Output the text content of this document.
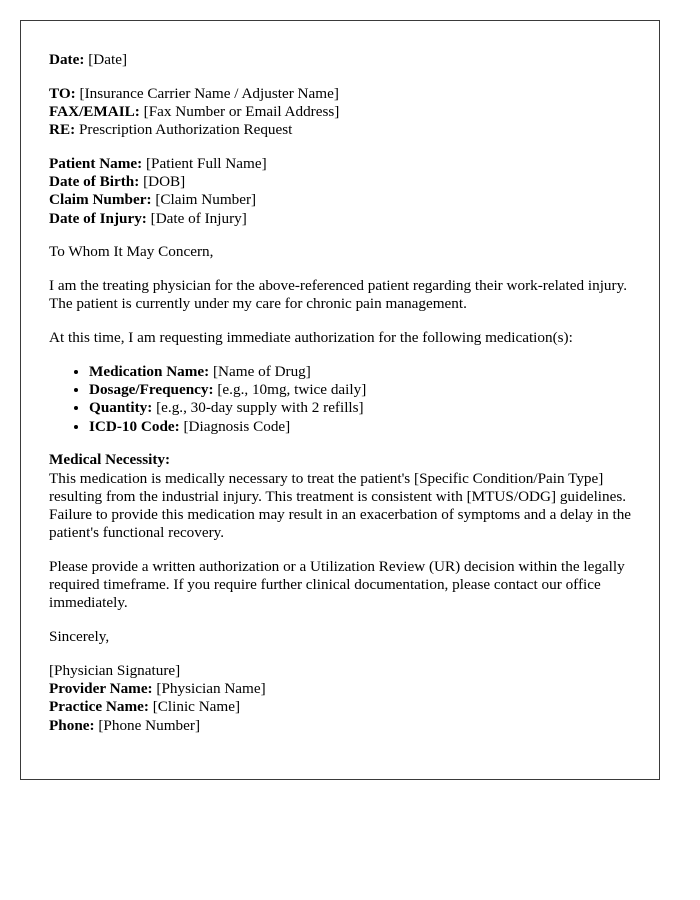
Date: [Date]
TO: [Insurance Carrier Name / Adjuster Name]
FAX/EMAIL: [Fax Number or Email Address]
RE: Prescription Authorization Request
Patient Name: [Patient Full Name]
Date of Birth: [DOB]
Claim Number: [Claim Number]
Date of Injury: [Date of Injury]

To Whom It May Concern,

I am the treating physician for the above-referenced patient regarding their work-related injury. The patient is currently under my care for chronic pain management.

At this time, I am requesting immediate authorization for the following medication(s):

• Medication Name: [Name of Drug]
• Dosage/Frequency: [e.g., 10mg, twice daily]
• Quantity: [e.g., 30-day supply with 2 refills]
• ICD-10 Code: [Diagnosis Code]
Medical Necessity:
This medication is medically necessary to treat the patient's [Specific Condition/Pain Type] resulting from the industrial injury. This treatment is consistent with [MTUS/ODG] guidelines. Failure to provide this medication may result in an exacerbation of symptoms and a delay in the patient's functional recovery.

Please provide a written authorization or a Utilization Review (UR) decision within the legally required timeframe. If you require further clinical documentation, please contact our office immediately.

Sincerely,

[Physician Signature]
Provider Name: [Physician Name]
Practice Name: [Clinic Name]
Phone: [Phone Number]
